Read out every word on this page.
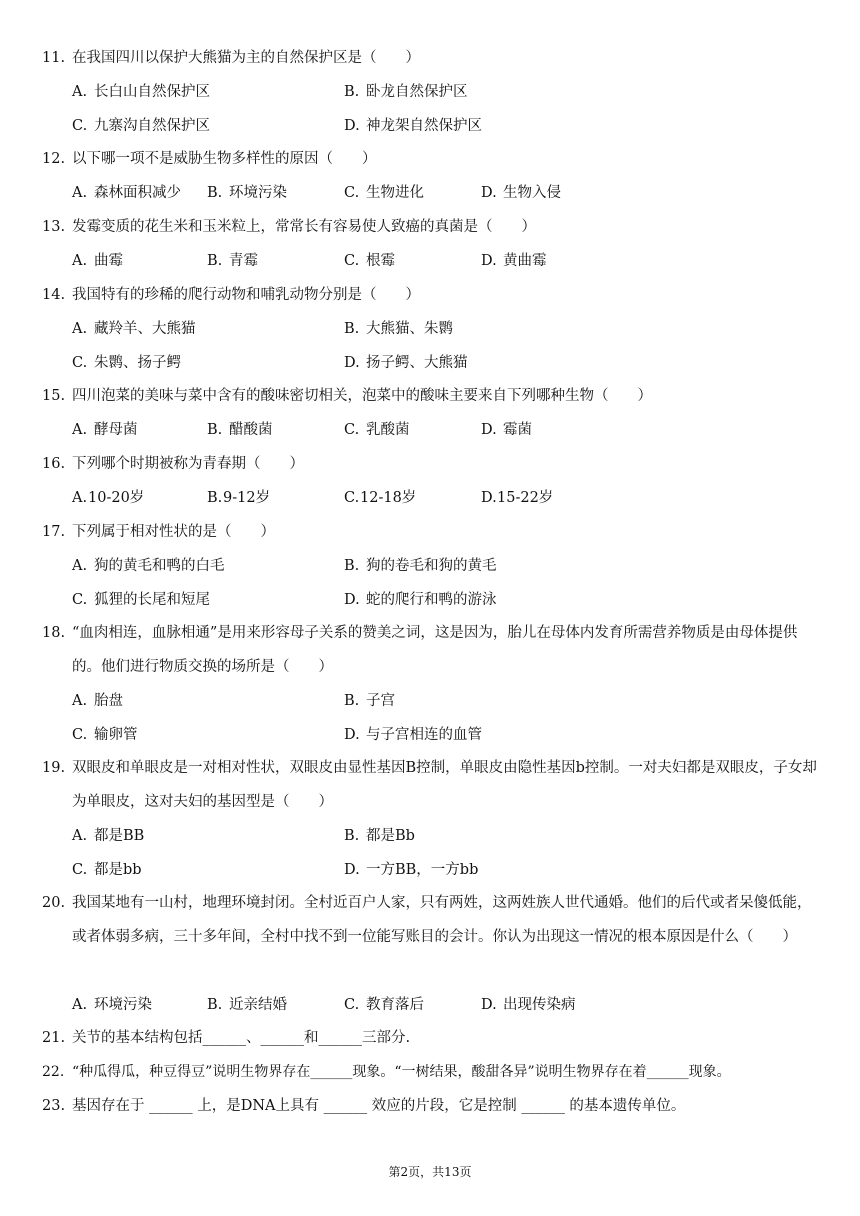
11. 在我国四川以保护大熊猫为主的自然保护区是（　　）
A. 长白山自然保护区	B. 卧龙自然保护区
C. 九寨沟自然保护区	D. 神龙架自然保护区
12. 以下哪一项不是威胁生物多样性的原因（　　）
A. 森林面积减少 B. 环境污染	C. 生物进化	D. 生物入侵
13. 发霉变质的花生米和玉米粒上，常常长有容易使人致癌的真菌是（　　）
A. 曲霉	B. 青霉	C. 根霉	D. 黄曲霉
14. 我国特有的珍稀的爬行动物和哺乳动物分别是（　　）
A. 藏羚羊、大熊猫	B. 大熊猫、朱鹮
C. 朱鹮、扬子鳄	D. 扬子鳄、大熊猫
15. 四川泡菜的美味与菜中含有的酸味密切相关，泡菜中的酸味主要来自下列哪种生物（　　）
A. 酵母菌	B. 醋酸菌	C. 乳酸菌	D. 霉菌
16. 下列哪个时期被称为青春期（　　）
A.10-20岁	B.9-12岁	C.12-18岁	D.15-22岁
17. 下列属于相对性状的是（　　）
A. 狗的黄毛和鸭的白毛	B. 狗的卷毛和狗的黄毛
C. 狐狸的长尾和短尾	D. 蛇的爬行和鸭的游泳
18. “血肉相连，血脉相通”是用来形容母子关系的赞美之词，这是因为，胎儿在母体内发育所需营养物质是由母体提供的。他们进行物质交换的场所是（　　）
A. 胎盘	B. 子宫
C. 输卵管	D. 与子宫相连的血管
19. 双眼皮和单眼皮是一对相对性状，双眼皮由显性基因B控制，单眼皮由隐性基因b控制。一对夫妇都是双眼皮，子女却为单眼皮，这对夫妇的基因型是（　　）
A. 都是BB	B. 都是Bb
C. 都是bb	D. 一方BB，一方bb
20. 我国某地有一山村，地理环境封闭。全村近百户人家，只有两姓，这两姓族人世代通婚。他们的后代或者呆傻低能，或者体弱多病，三十多年间，全村中找不到一位能写账目的会计。你认为出现这一情况的根本原因是什么（　　）
A. 环境污染	B. 近亲结婚	C. 教育落后	D. 出现传染病
21. 关节的基本结构包括______、______和______三部分.
22. “种瓜得瓜，种豆得豆”说明生物界存在______现象。“一树结果，酸甜各异”说明生物界存在着______现象。
23. 基因存在于 ______ 上，是DNA上具有 ______ 效应的片段，它是控制 ______ 的基本遗传单位。
第2页，共13页
